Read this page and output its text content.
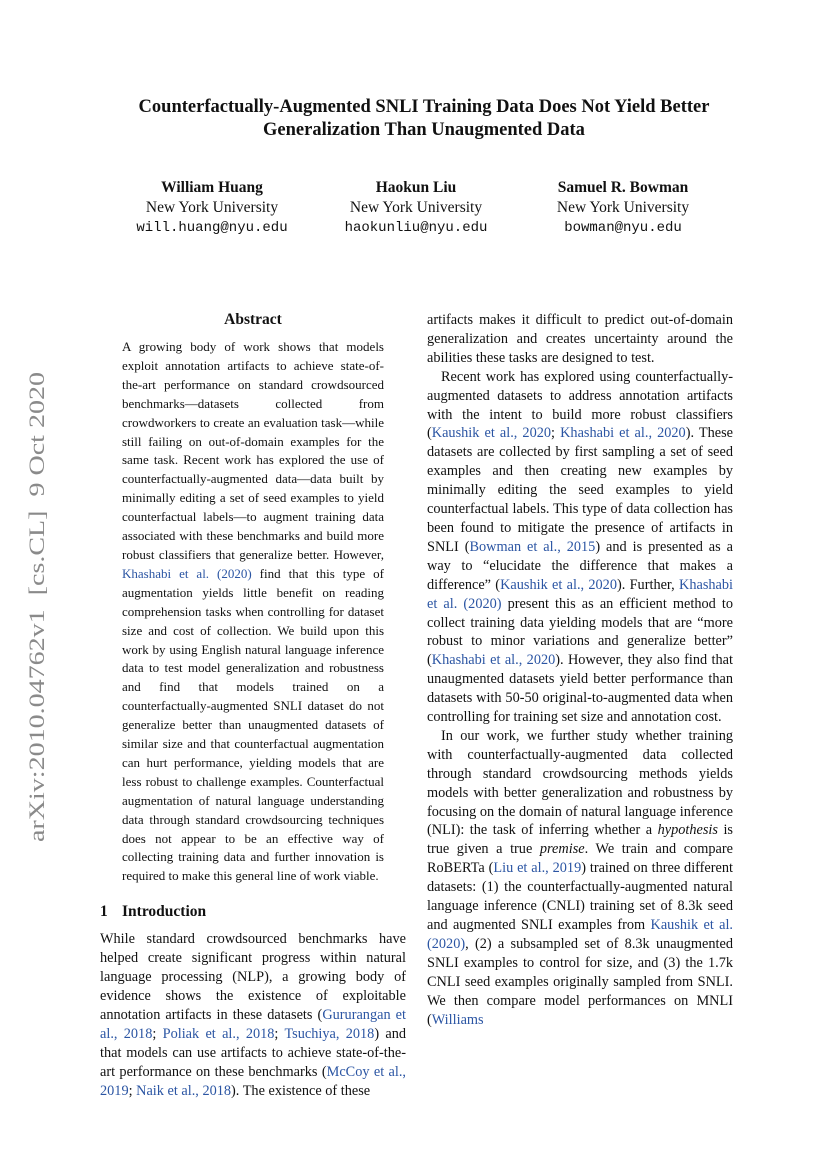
arXiv:2010.04762v1  [cs.CL]  9 Oct 2020
Counterfactually-Augmented SNLI Training Data Does Not Yield Better
Generalization Than Unaugmented Data
William Huang
New York University
will.huang@nyu.edu
Haokun Liu
New York University
haokunliu@nyu.edu
Samuel R. Bowman
New York University
bowman@nyu.edu
Abstract

A growing body of work shows that models exploit annotation artifacts to achieve state-of-the-art performance on standard crowdsourced benchmarks—datasets collected from crowdworkers to create an evaluation task—while still failing on out-of-domain examples for the same task. Recent work has explored the use of counterfactually-augmented data—data built by minimally editing a set of seed examples to yield counterfactual labels—to augment training data associated with these benchmarks and build more robust classifiers that generalize better. However, Khashabi et al. (2020) find that this type of augmentation yields little benefit on reading comprehension tasks when controlling for dataset size and cost of collection. We build upon this work by using English natural language inference data to test model generalization and robustness and find that models trained on a counterfactually-augmented SNLI dataset do not generalize better than unaugmented datasets of similar size and that counterfactual augmentation can hurt performance, yielding models that are less robust to challenge examples. Counterfactual augmentation of natural language understanding data through standard crowdsourcing techniques does not appear to be an effective way of collecting training data and further innovation is required to make this general line of work viable.

1 Introduction

While standard crowdsourced benchmarks have helped create significant progress within natural language processing (NLP), a growing body of evidence shows the existence of exploitable annotation artifacts in these datasets (Gururangan et al., 2018; Poliak et al., 2018; Tsuchiya, 2018) and that models can use artifacts to achieve state-of-the-art performance on these benchmarks (McCoy et al., 2019; Naik et al., 2018). The existence of these

artifacts makes it difficult to predict out-of-domain generalization and creates uncertainty around the abilities these tasks are designed to test.

Recent work has explored using counterfactually-augmented datasets to address annotation artifacts with the intent to build more robust classifiers (Kaushik et al., 2020; Khashabi et al., 2020). These datasets are collected by first sampling a set of seed examples and then creating new examples by minimally editing the seed examples to yield counterfactual labels. This type of data collection has been found to mitigate the presence of artifacts in SNLI (Bowman et al., 2015) and is presented as a way to “elucidate the difference that makes a difference” (Kaushik et al., 2020). Further, Khashabi et al. (2020) present this as an efficient method to collect training data yielding models that are “more robust to minor variations and generalize better” (Khashabi et al., 2020). However, they also find that unaugmented datasets yield better performance than datasets with 50-50 original-to-augmented data when controlling for training set size and annotation cost.

In our work, we further study whether training with counterfactually-augmented data collected through standard crowdsourcing methods yields models with better generalization and robustness by focusing on the domain of natural language inference (NLI): the task of inferring whether a hypothesis is true given a true premise. We train and compare RoBERTa (Liu et al., 2019) trained on three different datasets: (1) the counterfactually-augmented natural language inference (CNLI) training set of 8.3k seed and augmented SNLI examples from Kaushik et al. (2020), (2) a subsampled set of 8.3k unaugmented SNLI examples to control for size, and (3) the 1.7k CNLI seed examples originally sampled from SNLI. We then compare model performances on MNLI (Williams
